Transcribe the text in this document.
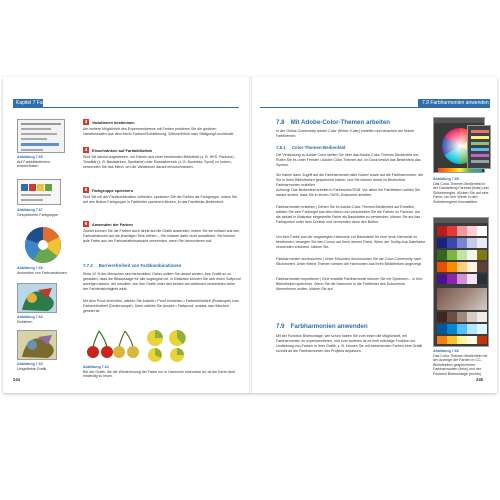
Kapitel 7 Farbe
Abbildung 7.65
Auf Farbbibliotheken einschränken
Abbildung 7.67
Gespeicherte Farbgruppe
Abbildung 7.66
Anwenden von Farbvariationen
Abbildung 7.62
Einfärben
Abbildung 7.63
Umgefärbte Grafik
3	Variationen bestimmen
Am weitere Möglichkeit des Experimentierens mit Farben probieren Sie die gleichen Variationsarten aus dem Menü Farbton/Schattierung, Wärme/Kühle oder Sättigung/Leuchtkraft.
4	Einschränken auf Farbbibliothek
Sind Sie darauf angewiesen, nur Farben aus einer bestimmten Bibliothek (z. B. HKS, Pantone), Tonalität (z. B. Basisfarben, Spotfarbe) oder Einsatzbereich (z. B. Business, Sport) zu nutzen, verwenden Sie das Menü, um die Variationen darauf einzuschränken.
5	Farbgruppe speichern
Sind Sie mit der Farbkombination zufrieden, speichern Sie die Farben als Farbgruppe, indem Sie auf den Button Farbgruppe in Farbfelder speichern klicken, in das Farbfelder-Bedienfeld.
6	Anwenden der Farben
Zuletzt können Sie die Farben auch direkt auf die Grafik anwenden, indem Sie sie einfach aus den Farbvariationen auf die jeweiligen Teile ziehen – Sie müssen dafür nicht auswählen. Sie können jede Farbe aus der Farbvariationsansicht verwenden, wenn Sie harmonieren soll.
7.7.2 Barrierefreiheit von Farbkombinationen
Etwa 10 % der Menschen sind farbenblind. Daher sollten Sie darauf achten, Ihre Grafik so zu gestalten, dass die Bildaussage für alle zugänglich ist. In Illustrator können Sie sich einen Softproof anzeigen lassen, der simuliert, wie Ihre Grafik unter den beiden am weitesten verbreiteten Arten der Farbfehlsichtigkeit wirkt.
Mit dem Proof einrichten, wählen Sie Ansicht • Proof einrichten • Farbenblindheit (Protanopie) bzw. Farbenblindheit (Deuteranopie). Dann wählen Sie Ansicht • Farbproof, sodass das Häkchen gesetzt ist.
Abbildung 7.64
Bei der Grafik, die die Wiederholung der Farbe nur in Harmonie erkennbar ist, ist die Karte nicht eindeutig zu lesen.
244
7.9 Farbharmonien anwenden
7.8 Mit Adobe-Color-Themen arbeiten
In der Online-Community Adobe Color (früher: Kuler) erstellen und tauschen die Nutzer Farbthemen.
7.8.1 Color-Themen-Bedienfeld
Die Verbindung zu Adobe Color stellen Sie über das Adobe-Color-Themen-Bedienfeld her. Rufen Sie es unter Fenster • Adobe Color-Themen auf. Im Dock besitzt das Bedienfeld das Symbol.
Sie haben dann Zugriff auf die Farbharmonien aller Nutzer sowie auf die Farbharmonien, die Sie in Ihren Bibliotheken gespeichert haben, und Sie können direkt im Bedienfeld Farbharmonien erstellen.
Achtung! Das Bedienfeld arbeitet in Farbmodus RGB. Vor allem bei Farbfeldern sollten Sie darauf achten, dass Sie in einem CMYK-Dokument arbeiten.
Farbharmonien erstellen | Gehen Sie im Adobe-Color-Themen-Bedienfeld auf Erstellen, wählen Sie eine Farbregel aus dem Menü und verschieben Sie die Farben im Farbrad. Um die aktuell in Illustrator eingestellte Farbe als Basisfarbe zu verwenden, klicken Sie auf das Farbsymbol unter dem Dreieck und verwenden dann den Button.
Um eine Farbe aus der angezeigten Harmonie zur Basisfarbe für eine neue Harmonie zu bestimmen, bewegen Sie den Cursor auf ihren oberen Rand. Wenn der Tooltip Aus Dateifarbe verwenden erscheint, klicken Sie.
Farbharmonien durchsuchen | Unter Erkunden durchsuchen Sie die Color-Community nach Stichworten. Unter Meine Themen werden die Harmonien aus Ihren Bibliotheken angezeigt.
Farbharmonien importieren | Eine erstellte Farbharmonie können Sie mit Speichern... in Ihre Bibliotheken speichern. Wenn Sie die Harmonie in die Farbfelder des Dokuments übernehmen wollen, klicken Sie auf.
7.9 Farbharmonien anwenden
Mit der Funktion Bildmontage, wie schon haben Sie zum einen die Möglichkeit, mit Farbharmonien zu experimentieren, und zum anderen ist es eine mächtige Funktion zur Umfärbung von Farben in Ihrer Grafik, z. B. können Sie mit bestehenden Farben eine Grafik schnell an die Farbharmonien des Projekts anpassen.
Abbildung 7.65
Das Color-Themen-Bedienfeld in der Darstellung Farbrad (links) und Schieberegler. Klicken Sie auf eine Farbe, um ihre Werte in den Schiebereglern einzustellen.
Abbildung 7.66
Das Color-Themen-Bedienfeld mit der Anzeige der Farben in CC-Bibliotheken gespeicherter Farbharmonien (links) und der Funktion Bildmontage (rechts).
245
